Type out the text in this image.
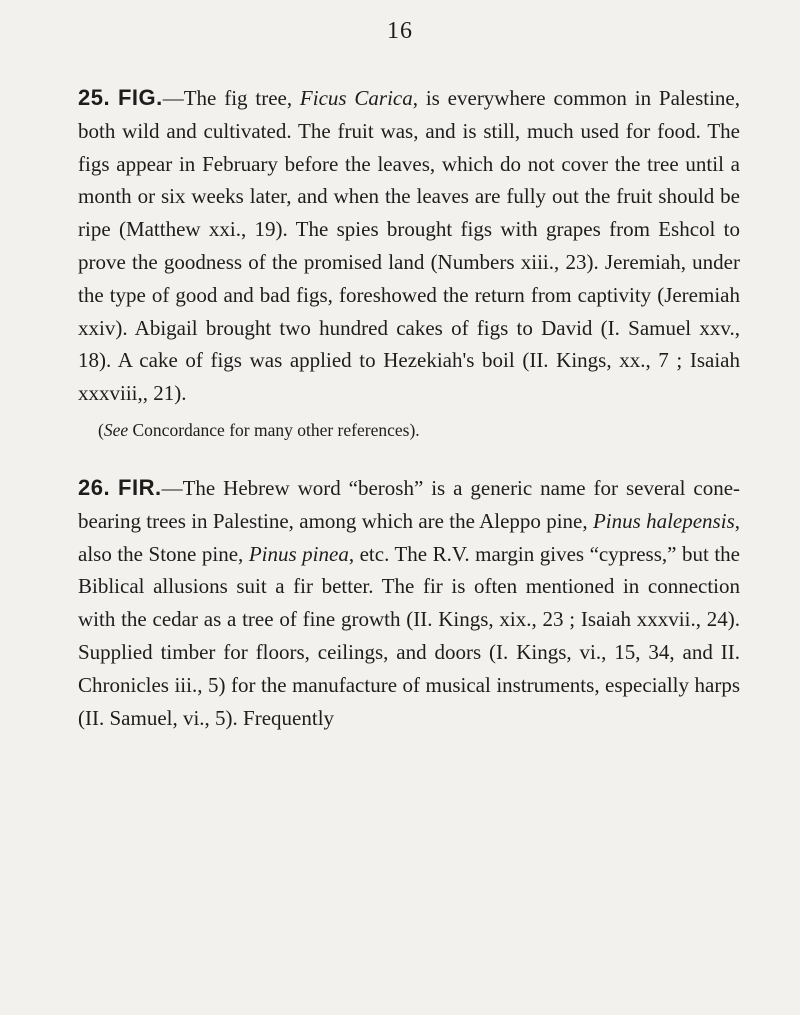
16

25. FIG.—The fig tree, Ficus Carica, is everywhere common in Palestine, both wild and cultivated. The fruit was, and is still, much used for food. The figs appear in February before the leaves, which do not cover the tree until a month or six weeks later, and when the leaves are fully out the fruit should be ripe (Matthew xxi., 19). The spies brought figs with grapes from Eshcol to prove the goodness of the promised land (Numbers xiii., 23). Jeremiah, under the type of good and bad figs, foreshowed the return from captivity (Jeremiah xxiv). Abigail brought two hundred cakes of figs to David (I. Samuel xxv., 18). A cake of figs was applied to Hezekiah's boil (II. Kings, xx., 7 ; Isaiah xxxviii,, 21).

(See Concordance for many other references).

26. FIR.—The Hebrew word “berosh” is a generic name for several cone-bearing trees in Palestine, among which are the Aleppo pine, Pinus halepensis, also the Stone pine, Pinus pinea, etc. The R.V. margin gives “cypress,” but the Biblical allusions suit a fir better. The fir is often mentioned in connection with the cedar as a tree of fine growth (II. Kings, xix., 23 ; Isaiah xxxvii., 24). Supplied timber for floors, ceilings, and doors (I. Kings, vi., 15, 34, and II. Chronicles iii., 5) for the manufacture of musical instruments, especially harps (II. Samuel, vi., 5). Frequently
